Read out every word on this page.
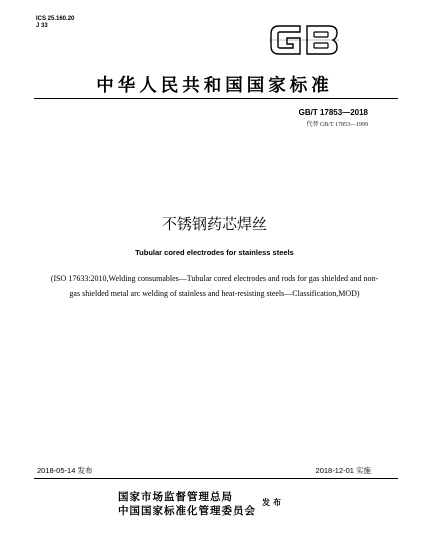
ICS 25.160.20
J 33
中华人民共和国国家标准
GB/T 17853—2018
代替 GB/T 17853—1999
不锈钢药芯焊丝
Tubular cored electrodes for stainless steels
(ISO 17633:2010,Welding consumables—Tubular cored electrodes and rods for gas shielded and non-gas shielded metal arc welding of stainless and heat-resisting steels—Classification,MOD)
2018-05-14 发布	2018-12-01 实施
国家市场监督管理总局
中国国家标准化管理委员会
发布
